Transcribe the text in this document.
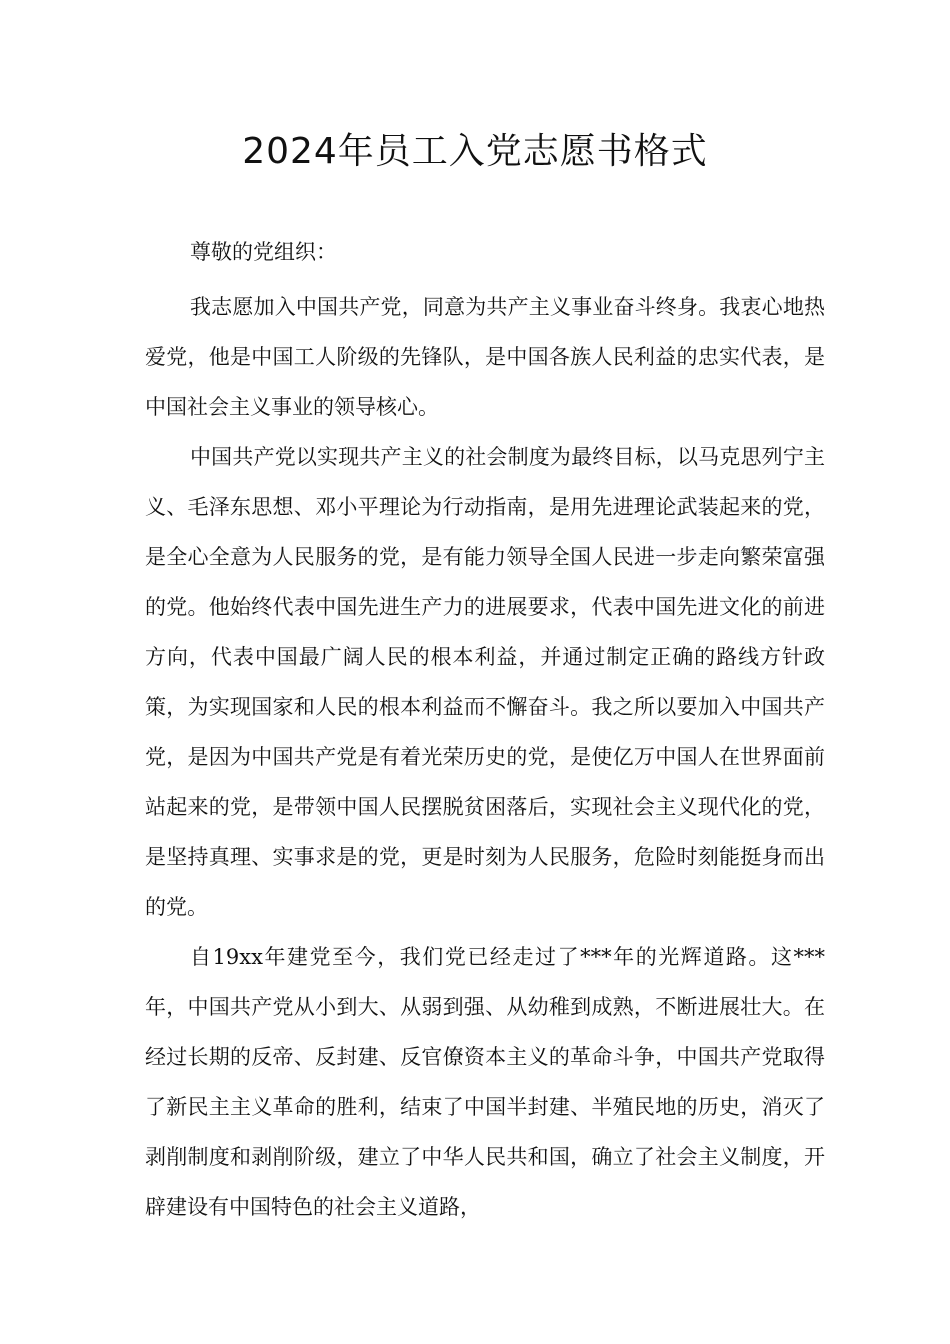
2024年员工入党志愿书格式

尊敬的党组织：

我志愿加入中国共产党，同意为共产主义事业奋斗终身。我衷心地热爱党，他是中国工人阶级的先锋队，是中国各族人民利益的忠实代表，是中国社会主义事业的领导核心。

中国共产党以实现共产主义的社会制度为最终目标，以马克思列宁主义、毛泽东思想、邓小平理论为行动指南，是用先进理论武装起来的党，是全心全意为人民服务的党，是有能力领导全国人民进一步走向繁荣富强的党。他始终代表中国先进生产力的进展要求，代表中国先进文化的前进方向，代表中国最广阔人民的根本利益，并通过制定正确的路线方针政策，为实现国家和人民的根本利益而不懈奋斗。我之所以要加入中国共产党，是因为中国共产党是有着光荣历史的党，是使亿万中国人在世界面前站起来的党，是带领中国人民摆脱贫困落后，实现社会主义现代化的党，是坚持真理、实事求是的党，更是时刻为人民服务，危险时刻能挺身而出的党。

自19xx年建党至今，我们党已经走过了***年的光辉道路。这***年，中国共产党从小到大、从弱到强、从幼稚到成熟，不断进展壮大。在经过长期的反帝、反封建、反官僚资本主义的革命斗争，中国共产党取得了新民主主义革命的胜利，结束了中国半封建、半殖民地的历史，消灭了剥削制度和剥削阶级，建立了中华人民共和国，确立了社会主义制度，开辟建设有中国特色的社会主义道路，
